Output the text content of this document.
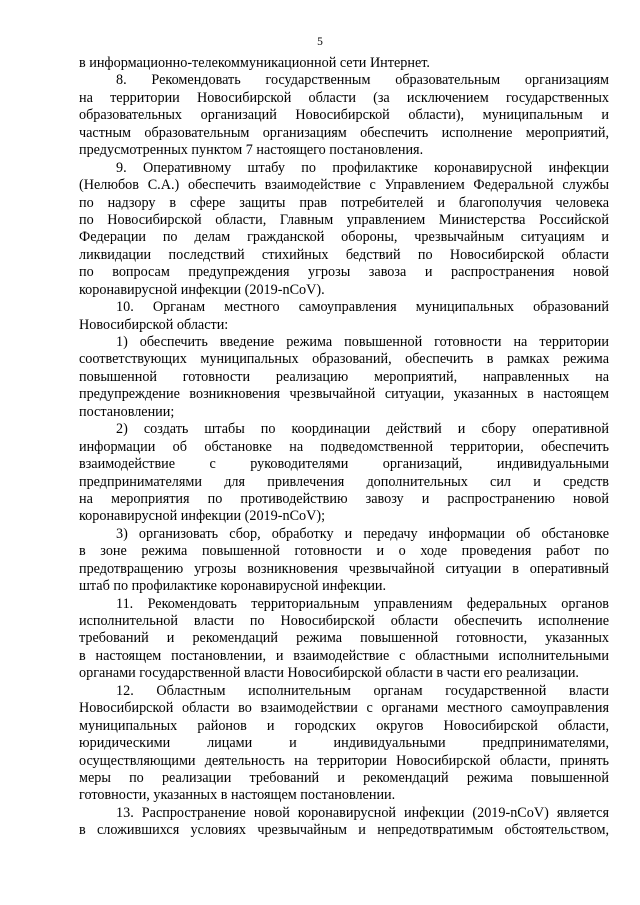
5
в информационно-телекоммуникационной сети Интернет.
8. Рекомендовать государственным образовательным организациям
на территории Новосибирской области (за исключением государственных
образовательных организаций Новосибирской области), муниципальным и
частным образовательным организациям обеспечить исполнение мероприятий,
предусмотренных пунктом 7 настоящего постановления.
9. Оперативному штабу по профилактике коронавирусной инфекции
(Нелюбов С.А.) обеспечить взаимодействие с Управлением Федеральной службы
по надзору в сфере защиты прав потребителей и благополучия человека
по Новосибирской области, Главным управлением Министерства Российской
Федерации по делам гражданской обороны, чрезвычайным ситуациям и
ликвидации последствий стихийных бедствий по Новосибирской области
по вопросам предупреждения угрозы завоза и распространения новой
коронавирусной инфекции (2019-nCoV).
10. Органам местного самоуправления муниципальных образований
Новосибирской области:
1) обеспечить введение режима повышенной готовности на территории
соответствующих муниципальных образований, обеспечить в рамках режима
повышенной готовности реализацию мероприятий, направленных на
предупреждение возникновения чрезвычайной ситуации, указанных в настоящем
постановлении;
2) создать штабы по координации действий и сбору оперативной
информации об обстановке на подведомственной территории, обеспечить
взаимодействие с руководителями организаций, индивидуальными
предпринимателями для привлечения дополнительных сил и средств
на мероприятия по противодействию завозу и распространению новой
коронавирусной инфекции (2019-nCoV);
3) организовать сбор, обработку и передачу информации об обстановке
в зоне режима повышенной готовности и о ходе проведения работ по
предотвращению угрозы возникновения чрезвычайной ситуации в оперативный
штаб по профилактике коронавирусной инфекции.
11. Рекомендовать территориальным управлениям федеральных органов
исполнительной власти по Новосибирской области обеспечить исполнение
требований и рекомендаций режима повышенной готовности, указанных
в настоящем постановлении, и взаимодействие с областными исполнительными
органами государственной власти Новосибирской области в части его реализации.
12. Областным исполнительным органам государственной власти
Новосибирской области во взаимодействии с органами местного самоуправления
муниципальных районов и городских округов Новосибирской области,
юридическими лицами и индивидуальными предпринимателями,
осуществляющими деятельность на территории Новосибирской области, принять
меры по реализации требований и рекомендаций режима повышенной
готовности, указанных в настоящем постановлении.
13. Распространение новой коронавирусной инфекции (2019-nCoV) является
в сложившихся условиях чрезвычайным и непредотвратимым обстоятельством,
